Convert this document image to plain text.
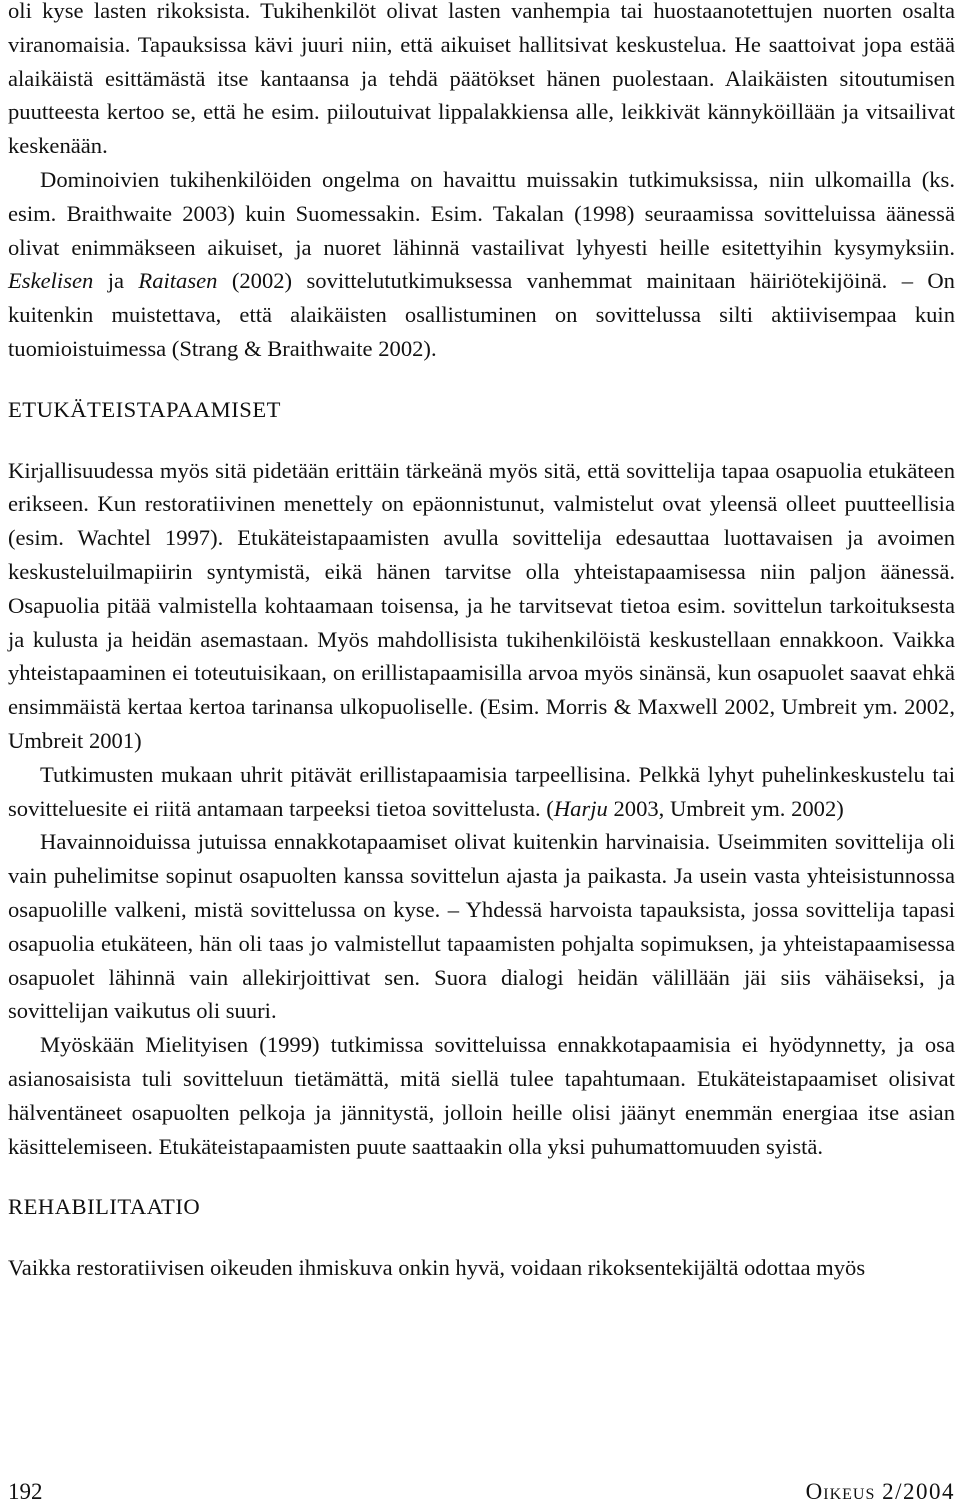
oli kyse lasten rikoksista. Tukihenkilöt olivat lasten vanhempia tai huostaanotettujen nuorten osalta viranomaisia. Tapauksissa kävi juuri niin, että aikuiset hallitsivat keskustelua. He saattoivat jopa estää alaikäistä esittämästä itse kantaansa ja tehdä päätökset hänen puolestaan. Alaikäisten sitoutumisen puutteesta kertoo se, että he esim. piiloutuivat lippalakkiensa alle, leikkivät kännyköillään ja vitsailivat keskenään.

Dominoivien tukihenkilöiden ongelma on havaittu muissakin tutkimuksissa, niin ulkomailla (ks. esim. Braithwaite 2003) kuin Suomessakin. Esim. Takalan (1998) seuraamissa sovitteluissa äänessä olivat enimmäkseen aikuiset, ja nuoret lähinnä vastailivat lyhyesti heille esitettyihin kysymyksiin. Eskelisen ja Raitasen (2002) sovittelututkimuksessa vanhemmat mainitaan häiriötekijöinä. – On kuitenkin muistettava, että alaikäisten osallistuminen on sovittelussa silti aktiivisempaa kuin tuomioistuimessa (Strang & Braithwaite 2002).

ETUKÄTEISTAPAAMISET

Kirjallisuudessa myös sitä pidetään erittäin tärkeänä myös sitä, että sovittelija tapaa osapuolia etukäteen erikseen. Kun restoratiivinen menettely on epäonnistunut, valmistelut ovat yleensä olleet puutteellisia (esim. Wachtel 1997). Etukäteistapaamisten avulla sovittelija edesauttaa luottavaisen ja avoimen keskusteluilmapiirin syntymistä, eikä hänen tarvitse olla yhteistapaamisessa niin paljon äänessä. Osapuolia pitää valmistella kohtaamaan toisensa, ja he tarvitsevat tietoa esim. sovittelun tarkoituksesta ja kulusta ja heidän asemastaan. Myös mahdollisista tukihenkilöistä keskustellaan ennakkoon. Vaikka yhteistapaaminen ei toteutuisikaan, on erillistapaamisilla arvoa myös sinänsä, kun osapuolet saavat ehkä ensimmäistä kertaa kertoa tarinansa ulkopuoliselle. (Esim. Morris & Maxwell 2002, Umbreit ym. 2002, Umbreit 2001)

Tutkimusten mukaan uhrit pitävät erillistapaamisia tarpeellisina. Pelkkä lyhyt puhelinkeskustelu tai sovitteluesite ei riitä antamaan tarpeeksi tietoa sovittelusta. (Harju 2003, Umbreit ym. 2002)

Havainnoiduissa jutuissa ennakkotapaamiset olivat kuitenkin harvinaisia. Useimmiten sovittelija oli vain puhelimitse sopinut osapuolten kanssa sovittelun ajasta ja paikasta. Ja usein vasta yhteisistunnossa osapuolille valkeni, mistä sovittelussa on kyse. – Yhdessä harvoista tapauksista, jossa sovittelija tapasi osapuolia etukäteen, hän oli taas jo valmistellut tapaamisten pohjalta sopimuksen, ja yhteistapaamisessa osapuolet lähinnä vain allekirjoittivat sen. Suora dialogi heidän välillään jäi siis vähäiseksi, ja sovittelijan vaikutus oli suuri.

Myöskään Mielityisen (1999) tutkimissa sovitteluissa ennakkotapaamisia ei hyödynnetty, ja osa asianosaisista tuli sovitteluun tietämättä, mitä siellä tulee tapahtumaan. Etukäteistapaamiset olisivat hälventäneet osapuolten pelkoja ja jännitystä, jolloin heille olisi jäänyt enemmän energiaa itse asian käsittelemiseen. Etukäteistapaamisten puute saattaakin olla yksi puhumattomuuden syistä.

REHABILITAATIO

Vaikka restoratiivisen oikeuden ihmiskuva onkin hyvä, voidaan rikoksentekijältä odottaa myös

192	Oikeus 2/2004
